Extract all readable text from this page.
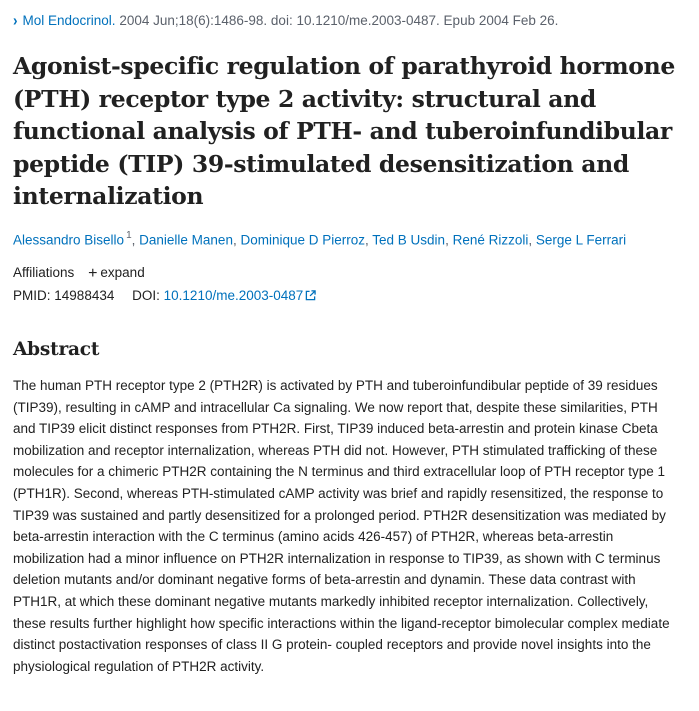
› Mol Endocrinol. 2004 Jun;18(6):1486-98. doi: 10.1210/me.2003-0487. Epub 2004 Feb 26.
Agonist-specific regulation of parathyroid hormone (PTH) receptor type 2 activity: structural and functional analysis of PTH- and tuberoinfundibular peptide (TIP) 39-stimulated desensitization and internalization
Alessandro Bisello $^1$, Danielle Manen, Dominique D Pierroz, Ted B Usdin, René Rizzoli, Serge L Ferrari
Affiliations + expand
PMID: 14988434 DOI: 10.1210/me.2003-0487
Abstract

The human PTH receptor type 2 (PTH2R) is activated by PTH and tuberoinfundibular peptide of 39 residues (TIP39), resulting in cAMP and intracellular Ca signaling. We now report that, despite these similarities, PTH and TIP39 elicit distinct responses from PTH2R. First, TIP39 induced beta-arrestin and protein kinase Cbeta mobilization and receptor internalization, whereas PTH did not. However, PTH stimulated trafficking of these molecules for a chimeric PTH2R containing the N terminus and third extracellular loop of PTH receptor type 1 (PTH1R). Second, whereas PTH-stimulated cAMP activity was brief and rapidly resensitized, the response to TIP39 was sustained and partly desensitized for a prolonged period. PTH2R desensitization was mediated by beta-arrestin interaction with the C terminus (amino acids 426-457) of PTH2R, whereas beta-arrestin mobilization had a minor influence on PTH2R internalization in response to TIP39, as shown with C terminus deletion mutants and/or dominant negative forms of beta-arrestin and dynamin. These data contrast with PTH1R, at which these dominant negative mutants markedly inhibited receptor internalization. Collectively, these results further highlight how specific interactions within the ligand-receptor bimolecular complex mediate distinct postactivation responses of class II G protein- coupled receptors and provide novel insights into the physiological regulation of PTH2R activity.
